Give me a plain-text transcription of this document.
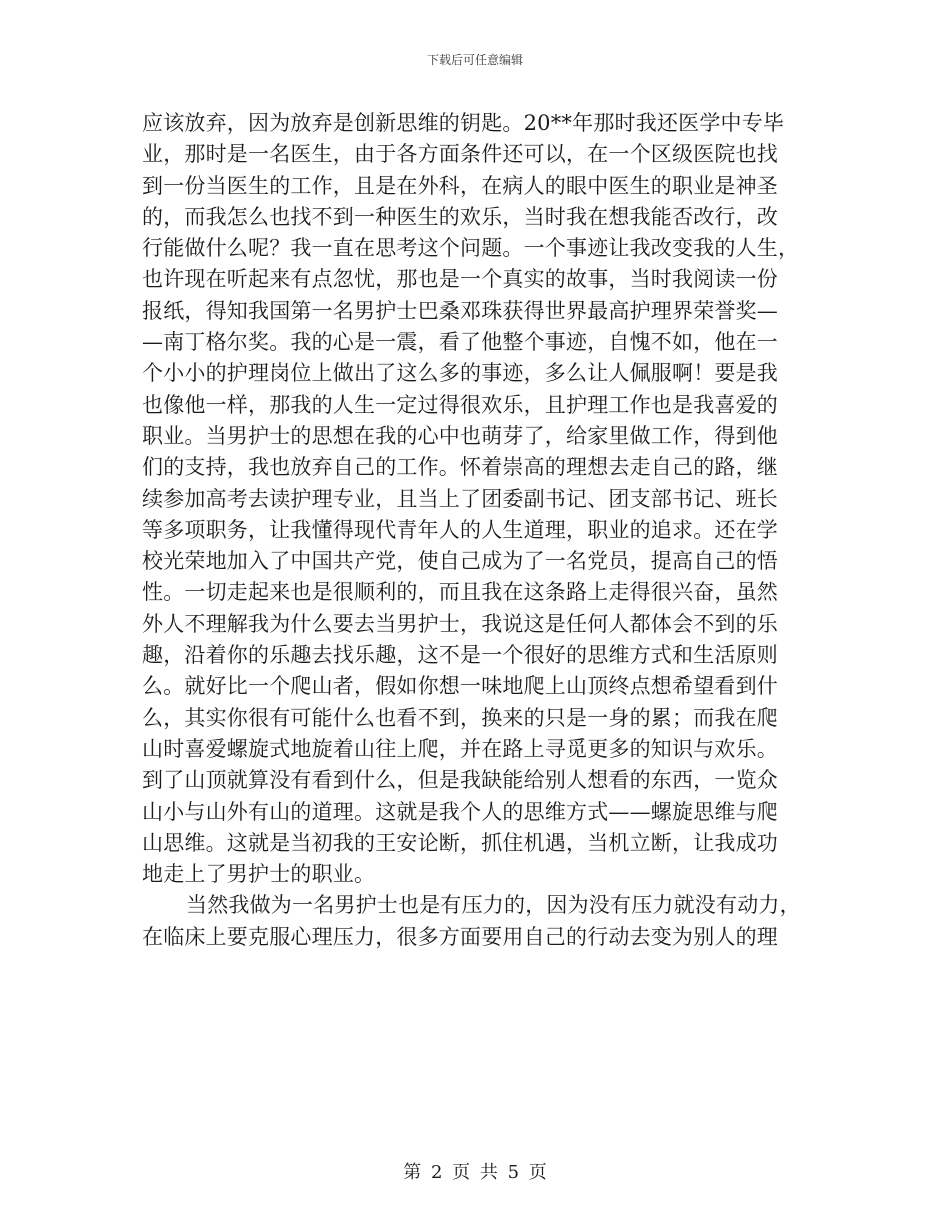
下载后可任意编辑

应该放弃，因为放弃是创新思维的钥匙。20**年那时我还医学中专毕
业，那时是一名医生，由于各方面条件还可以，在一个区级医院也找
到一份当医生的工作，且是在外科，在病人的眼中医生的职业是神圣
的，而我怎么也找不到一种医生的欢乐，当时我在想我能否改行，改
行能做什么呢？我一直在思考这个问题。一个事迹让我改变我的人生，
也许现在听起来有点忽忧，那也是一个真实的故事，当时我阅读一份
报纸，得知我国第一名男护士巴桑邓珠获得世界最高护理界荣誉奖—
—南丁格尔奖。我的心是一震，看了他整个事迹，自愧不如，他在一
个小小的护理岗位上做出了这么多的事迹，多么让人佩服啊！要是我
也像他一样，那我的人生一定过得很欢乐，且护理工作也是我喜爱的
职业。当男护士的思想在我的心中也萌芽了，给家里做工作，得到他
们的支持，我也放弃自己的工作。怀着崇高的理想去走自己的路，继
续参加高考去读护理专业，且当上了团委副书记、团支部书记、班长
等多项职务，让我懂得现代青年人的人生道理，职业的追求。还在学
校光荣地加入了中国共产党，使自己成为了一名党员，提高自己的悟
性。一切走起来也是很顺利的，而且我在这条路上走得很兴奋，虽然
外人不理解我为什么要去当男护士，我说这是任何人都体会不到的乐
趣，沿着你的乐趣去找乐趣，这不是一个很好的思维方式和生活原则
么。就好比一个爬山者，假如你想一味地爬上山顶终点想希望看到什
么，其实你很有可能什么也看不到，换来的只是一身的累；而我在爬
山时喜爱螺旋式地旋着山往上爬，并在路上寻觅更多的知识与欢乐。
到了山顶就算没有看到什么，但是我缺能给别人想看的东西，一览众
山小与山外有山的道理。这就是我个人的思维方式——螺旋思维与爬
山思维。这就是当初我的王安论断，抓住机遇，当机立断，让我成功
地走上了男护士的职业。

当然我做为一名男护士也是有压力的，因为没有压力就没有动力，
在临床上要克服心理压力，很多方面要用自己的行动去变为别人的理

第 2 页 共 5 页
